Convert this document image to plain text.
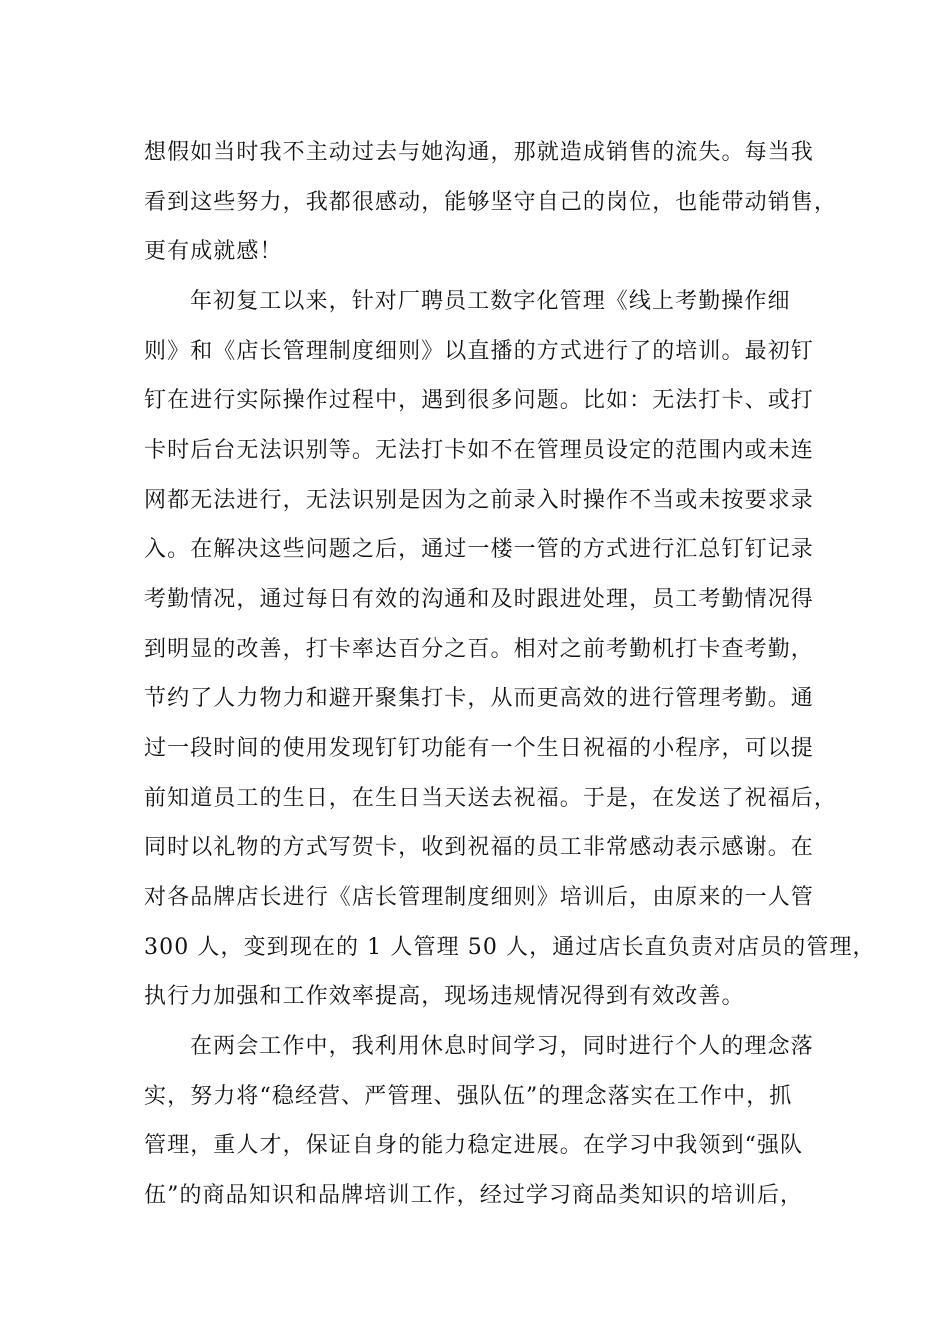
想假如当时我不主动过去与她沟通，那就造成销售的流失。每当我

看到这些努力，我都很感动，能够坚守自己的岗位，也能带动销售，

更有成就感！

年初复工以来，针对厂聘员工数字化管理《线上考勤操作细

则》和《店长管理制度细则》以直播的方式进行了的培训。最初钉

钉在进行实际操作过程中，遇到很多问题。比如：无法打卡、或打

卡时后台无法识别等。无法打卡如不在管理员设定的范围内或未连

网都无法进行，无法识别是因为之前录入时操作不当或未按要求录

入。在解决这些问题之后，通过一楼一管的方式进行汇总钉钉记录

考勤情况，通过每日有效的沟通和及时跟进处理，员工考勤情况得

到明显的改善，打卡率达百分之百。相对之前考勤机打卡查考勤，

节约了人力物力和避开聚集打卡，从而更高效的进行管理考勤。通

过一段时间的使用发现钉钉功能有一个生日祝福的小程序，可以提

前知道员工的生日，在生日当天送去祝福。于是，在发送了祝福后，

同时以礼物的方式写贺卡，收到祝福的员工非常感动表示感谢。在

对各品牌店长进行《店长管理制度细则》培训后，由原来的一人管

300 人，变到现在的 1 人管理 50 人，通过店长直负责对店员的管理，

执行力加强和工作效率提高，现场违规情况得到有效改善。

在两会工作中，我利用休息时间学习，同时进行个人的理念落

实，努力将“稳经营、严管理、强队伍”的理念落实在工作中，抓

管理，重人才，保证自身的能力稳定进展。在学习中我领到“强队

伍”的商品知识和品牌培训工作，经过学习商品类知识的培训后，
